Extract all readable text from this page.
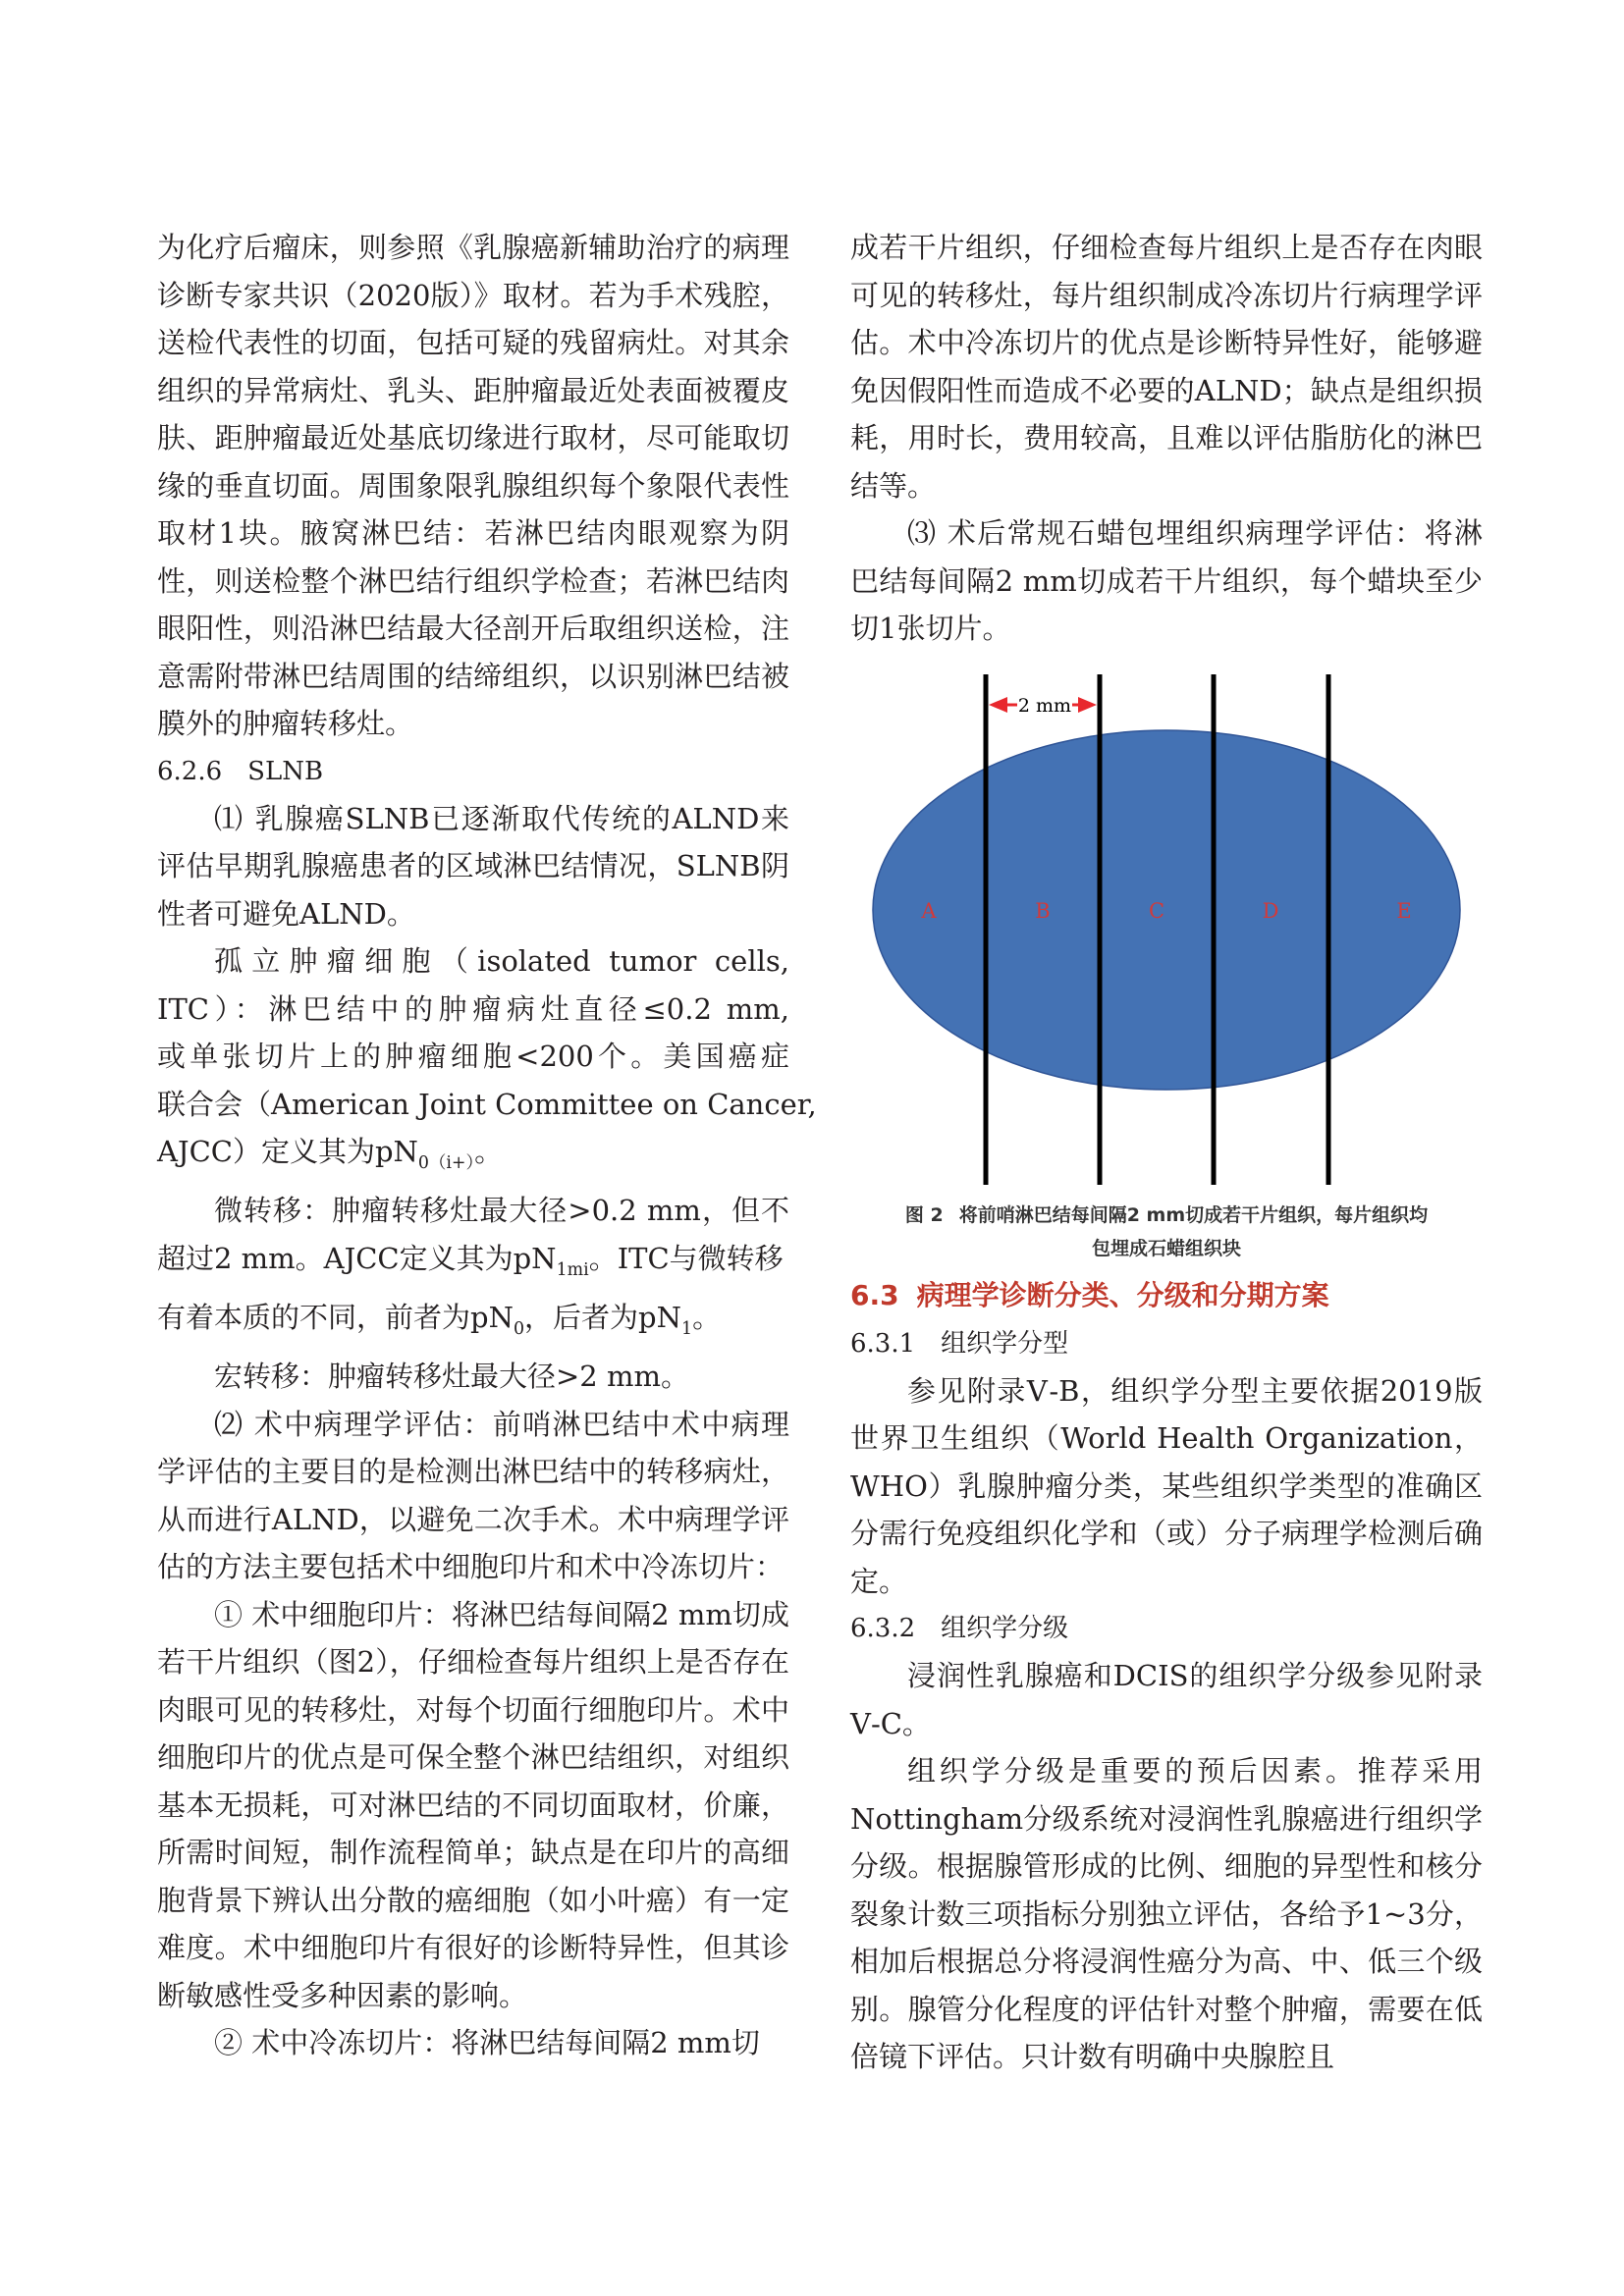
为化疗后瘤床，则参照《乳腺癌新辅助治疗的病理诊断专家共识（2020版）》取材。若为手术残腔，送检代表性的切面，包括可疑的残留病灶。对其余组织的异常病灶、乳头、距肿瘤最近处表面被覆皮肤、距肿瘤最近处基底切缘进行取材，尽可能取切缘的垂直切面。周围象限乳腺组织每个象限代表性取材1块。腋窝淋巴结：若淋巴结肉眼观察为阴性，则送检整个淋巴结行组织学检查；若淋巴结肉眼阳性，则沿淋巴结最大径剖开后取组织送检，注意需附带淋巴结周围的结缔组织，以识别淋巴结被膜外的肿瘤转移灶。

6.2.6　SLNB

⑴ 乳腺癌SLNB已逐渐取代传统的ALND来评估早期乳腺癌患者的区域淋巴结情况，SLNB阴性者可避免ALND。

孤立肿瘤细胞（isolated tumor cells,

ITC）：淋巴结中的肿瘤病灶直径≤0.2 mm,

或单张切片上的肿瘤细胞<200个。美国癌症

联合会（American Joint Committee on Cancer,

AJCC）定义其为$pN_{0(i+)}$。

微转移：肿瘤转移灶最大径>0.2 mm，但不

超过2 mm。AJCC定义其为$pN_{1mi}$。ITC与微转移

有着本质的不同，前者为$pN_0$，后者为$pN_1$。

宏转移：肿瘤转移灶最大径>2 mm。

⑵ 术中病理学评估：前哨淋巴结中术中病理学评估的主要目的是检测出淋巴结中的转移病灶，从而进行ALND，以避免二次手术。术中病理学评估的方法主要包括术中细胞印片和术中冷冻切片：

① 术中细胞印片：将淋巴结每间隔2 mm切成若干片组织（图2），仔细检查每片组织上是否存在肉眼可见的转移灶，对每个切面行细胞印片。术中细胞印片的优点是可保全整个淋巴结组织，对组织基本无损耗，可对淋巴结的不同切面取材，价廉，所需时间短，制作流程简单；缺点是在印片的高细胞背景下辨认出分散的癌细胞（如小叶癌）有一定难度。术中细胞印片有很好的诊断特异性，但其诊断敏感性受多种因素的影响。

② 术中冷冻切片：将淋巴结每间隔2 mm切

成若干片组织，仔细检查每片组织上是否存在肉眼可见的转移灶，每片组织制成冷冻切片行病理学评估。术中冷冻切片的优点是诊断特异性好，能够避免因假阳性而造成不必要的ALND；缺点是组织损耗，用时长，费用较高，且难以评估脂肪化的淋巴结等。

⑶ 术后常规石蜡包埋组织病理学评估：将淋巴结每间隔2 mm切成若干片组织，每个蜡块至少切1张切片。

2 mm
A	B	C	D	E

图 2 将前哨淋巴结每间隔2 mm切成若干片组织，每片组织均
包埋成石蜡组织块

6.3 病理学诊断分类、分级和分期方案

6.3.1　组织学分型

参见附录Ⅴ-B，组织学分型主要依据2019版世界卫生组织（World Health Organization，WHO）乳腺肿瘤分类，某些组织学类型的准确区分需行免疫组织化学和（或）分子病理学检测后确定。

6.3.2　组织学分级

浸润性乳腺癌和DCIS的组织学分级参见附录Ⅴ-C。

组织学分级是重要的预后因素。推荐采用Nottingham分级系统对浸润性乳腺癌进行组织学分级。根据腺管形成的比例、细胞的异型性和核分裂象计数三项指标分别独立评估，各给予1~3分，相加后根据总分将浸润性癌分为高、中、低三个级别。腺管分化程度的评估针对整个肿瘤，需要在低倍镜下评估。只计数有明确中央腺腔且
